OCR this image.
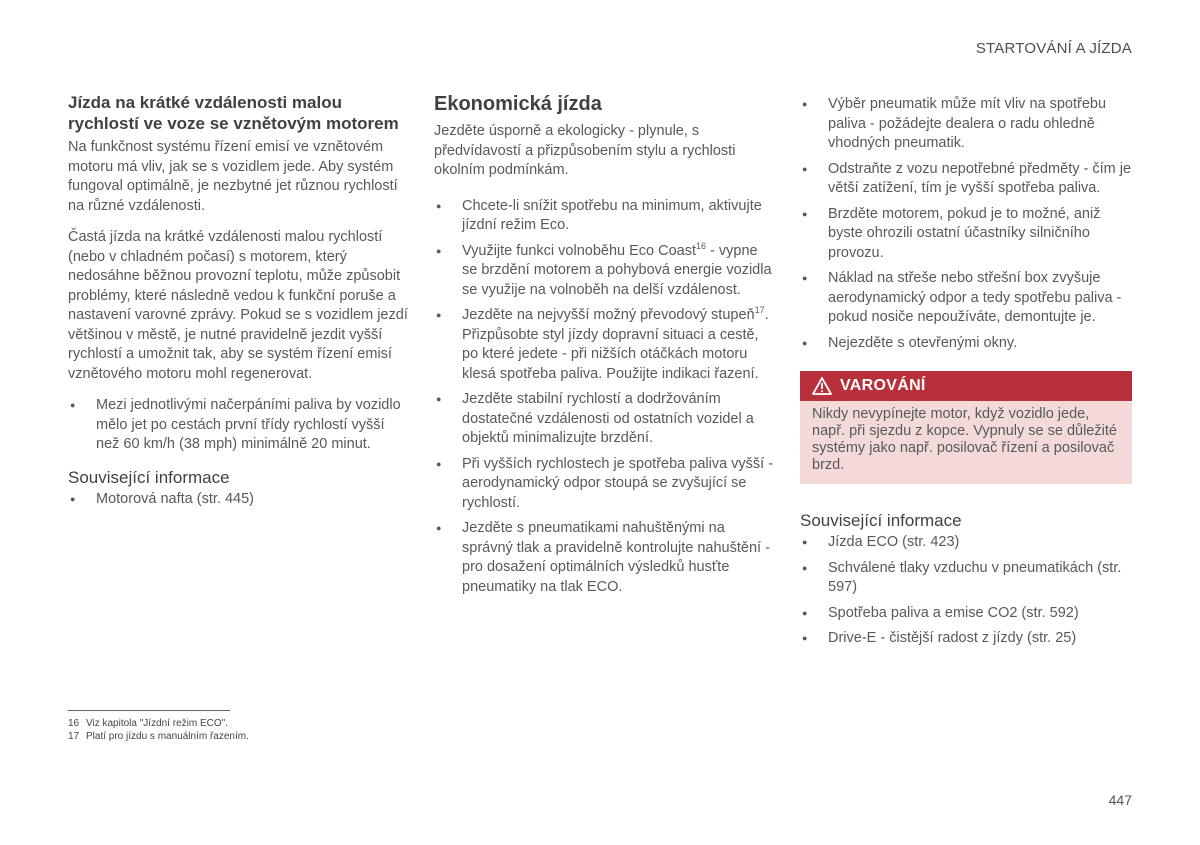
STARTOVÁNÍ A JÍZDA
Jízda na krátké vzdálenosti malou rychlostí ve voze se vznětovým motorem

Na funkčnost systému řízení emisí ve vznětovém motoru má vliv, jak se s vozidlem jede. Aby systém fungoval optimálně, je nezbytné jet různou rychlostí na různé vzdálenosti.

Častá jízda na krátké vzdálenosti malou rychlostí (nebo v chladném počasí) s motorem, který nedosáhne běžnou provozní teplotu, může způsobit problémy, které následně vedou k funkční poruše a nastavení varovné zprávy. Pokud se s vozidlem jezdí většinou v městě, je nutné pravidelně jezdit vyšší rychlostí a umožnit tak, aby se systém řízení emisí vznětového motoru mohl regenerovat.

● Mezi jednotlivými načerpáními paliva by vozidlo mělo jet po cestách první třídy rychlostí vyšší než 60 km/h (38 mph) minimálně 20 minut.
Související informace
● Motorová nafta (str. 445)
Ekonomická jízda

Jezděte úsporně a ekologicky - plynule, s předvídavostí a přizpůsobením stylu a rychlosti okolním podmínkám.

● Chcete-li snížit spotřebu na minimum, aktivujte jízdní režim Eco.
● Využijte funkci volnoběhu Eco Coast$^{16}$ - vypne se brzdění motorem a pohybová energie vozidla se využije na volnoběh na delší vzdálenost.
● Jezděte na nejvyšší možný převodový stupeň$^{17}$. Přizpůsobte styl jízdy dopravní situaci a cestě, po které jedete - při nižších otáčkách motoru klesá spotřeba paliva. Použijte indikaci řazení.
● Jezděte stabilní rychlostí a dodržováním dostatečné vzdálenosti od ostatních vozidel a objektů minimalizujte brzdění.
● Při vyšších rychlostech je spotřeba paliva vyšší - aerodynamický odpor stoupá se zvyšující se rychlostí.
● Jezděte s pneumatikami nahuštěnými na správný tlak a pravidelně kontrolujte nahuštění - pro dosažení optimálních výsledků husťte pneumatiky na tlak ECO.
● Výběr pneumatik může mít vliv na spotřebu paliva - požádejte dealera o radu ohledně vhodných pneumatik.
● Odstraňte z vozu nepotřebné předměty - čím je větší zatížení, tím je vyšší spotřeba paliva.
● Brzděte motorem, pokud je to možné, aniž byste ohrozili ostatní účastníky silničního provozu.
● Náklad na střeše nebo střešní box zvyšuje aerodynamický odpor a tedy spotřebu paliva - pokud nosiče nepoužíváte, demontujte je.
● Nejezděte s otevřenými okny.
VAROVÁNÍ
Nikdy nevypínejte motor, když vozidlo jede, např. při sjezdu z kopce. Vypnuly se se důležité systémy jako např. posilovač řízení a posilovač brzd.
Související informace
● Jízda ECO (str. 423)
● Schválené tlaky vzduchu v pneumatikách (str. 597)
● Spotřeba paliva a emise CO2 (str. 592)
● Drive-E - čistější radost z jízdy (str. 25)
16 Viz kapitola "Jízdní režim ECO".
17 Platí pro jízdu s manuálním řazením.
447
